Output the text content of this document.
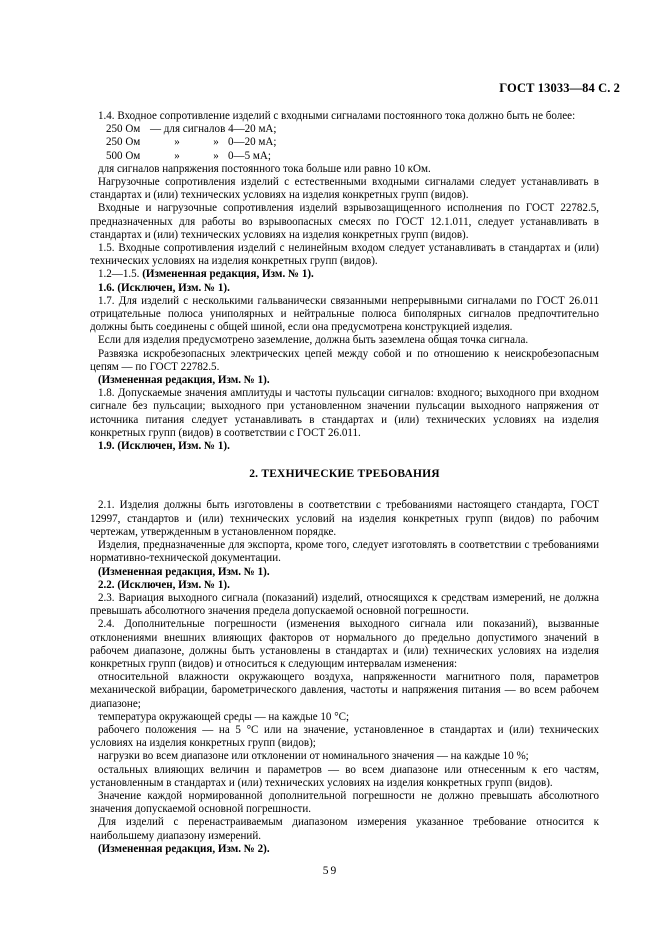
ГОСТ 13033—84 С. 2

1.4. Входное сопротивление изделий с входными сигналами постоянного тока должно быть не более:

250 Ом — для сигналов 4—20 мА;
250 Ом	»	» 0—20 мА;
500 Ом	»	» 0—5 мА;

для сигналов напряжения постоянного тока больше или равно 10 кОм.

Нагрузочные сопротивления изделий с естественными входными сигналами следует устанавливать в стандартах и (или) технических условиях на изделия конкретных групп (видов).

Входные и нагрузочные сопротивления изделий взрывозащищенного исполнения по ГОСТ 22782.5, предназначенных для работы во взрывоопасных смесях по ГОСТ 12.1.011, следует устанавливать в стандартах и (или) технических условиях на изделия конкретных групп (видов).

1.5. Входные сопротивления изделий с нелинейным входом следует устанавливать в стандартах и (или) технических условиях на изделия конкретных групп (видов).

1.2—1.5. (Измененная редакция, Изм. № 1).

1.6. (Исключен, Изм. № 1).

1.7. Для изделий с несколькими гальванически связанными непрерывными сигналами по ГОСТ 26.011 отрицательные полюса униполярных и нейтральные полюса биполярных сигналов предпочтительно должны быть соединены с общей шиной, если она предусмотрена конструкцией изделия.

Если для изделия предусмотрено заземление, должна быть заземлена общая точка сигнала.

Развязка искробезопасных электрических цепей между собой и по отношению к неискробезопасным цепям — по ГОСТ 22782.5.

(Измененная редакция, Изм. № 1).

1.8. Допускаемые значения амплитуды и частоты пульсации сигналов: входного; выходного при входном сигнале без пульсации; выходного при установленном значении пульсации выходного напряжения от источника питания следует устанавливать в стандартах и (или) технических условиях на изделия конкретных групп (видов) в соответствии с ГОСТ 26.011.

1.9. (Исключен, Изм. № 1).

2. ТЕХНИЧЕСКИЕ ТРЕБОВАНИЯ

2.1. Изделия должны быть изготовлены в соответствии с требованиями настоящего стандарта, ГОСТ 12997, стандартов и (или) технических условий на изделия конкретных групп (видов) по рабочим чертежам, утвержденным в установленном порядке.

Изделия, предназначенные для экспорта, кроме того, следует изготовлять в соответствии с требованиями нормативно-технической документации.

(Измененная редакция, Изм. № 1).

2.2. (Исключен, Изм. № 1).

2.3. Вариация выходного сигнала (показаний) изделий, относящихся к средствам измерений, не должна превышать абсолютного значения предела допускаемой основной погрешности.

2.4. Дополнительные погрешности (изменения выходного сигнала или показаний), вызванные отклонениями внешних влияющих факторов от нормального до предельно допустимого значений в рабочем диапазоне, должны быть установлены в стандартах и (или) технических условиях на изделия конкретных групп (видов) и относиться к следующим интервалам изменения:

относительной влажности окружающего воздуха, напряженности магнитного поля, параметров механической вибрации, барометрического давления, частоты и напряжения питания — во всем рабочем диапазоне;

температура окружающей среды — на каждые 10 °С;

рабочего положения — на 5 °С или на значение, установленное в стандартах и (или) технических условиях на изделия конкретных групп (видов);

нагрузки во всем диапазоне или отклонении от номинального значения — на каждые 10 %;

остальных влияющих величин и параметров — во всем диапазоне или отнесенным к его частям, установленным в стандартах и (или) технических условиях на изделия конкретных групп (видов).

Значение каждой нормированной дополнительной погрешности не должно превышать абсолютного значения допускаемой основной погрешности.

Для изделий с перенастраиваемым диапазоном измерения указанное требование относится к наибольшему диапазону измерений.

(Измененная редакция, Изм. № 2).

59
